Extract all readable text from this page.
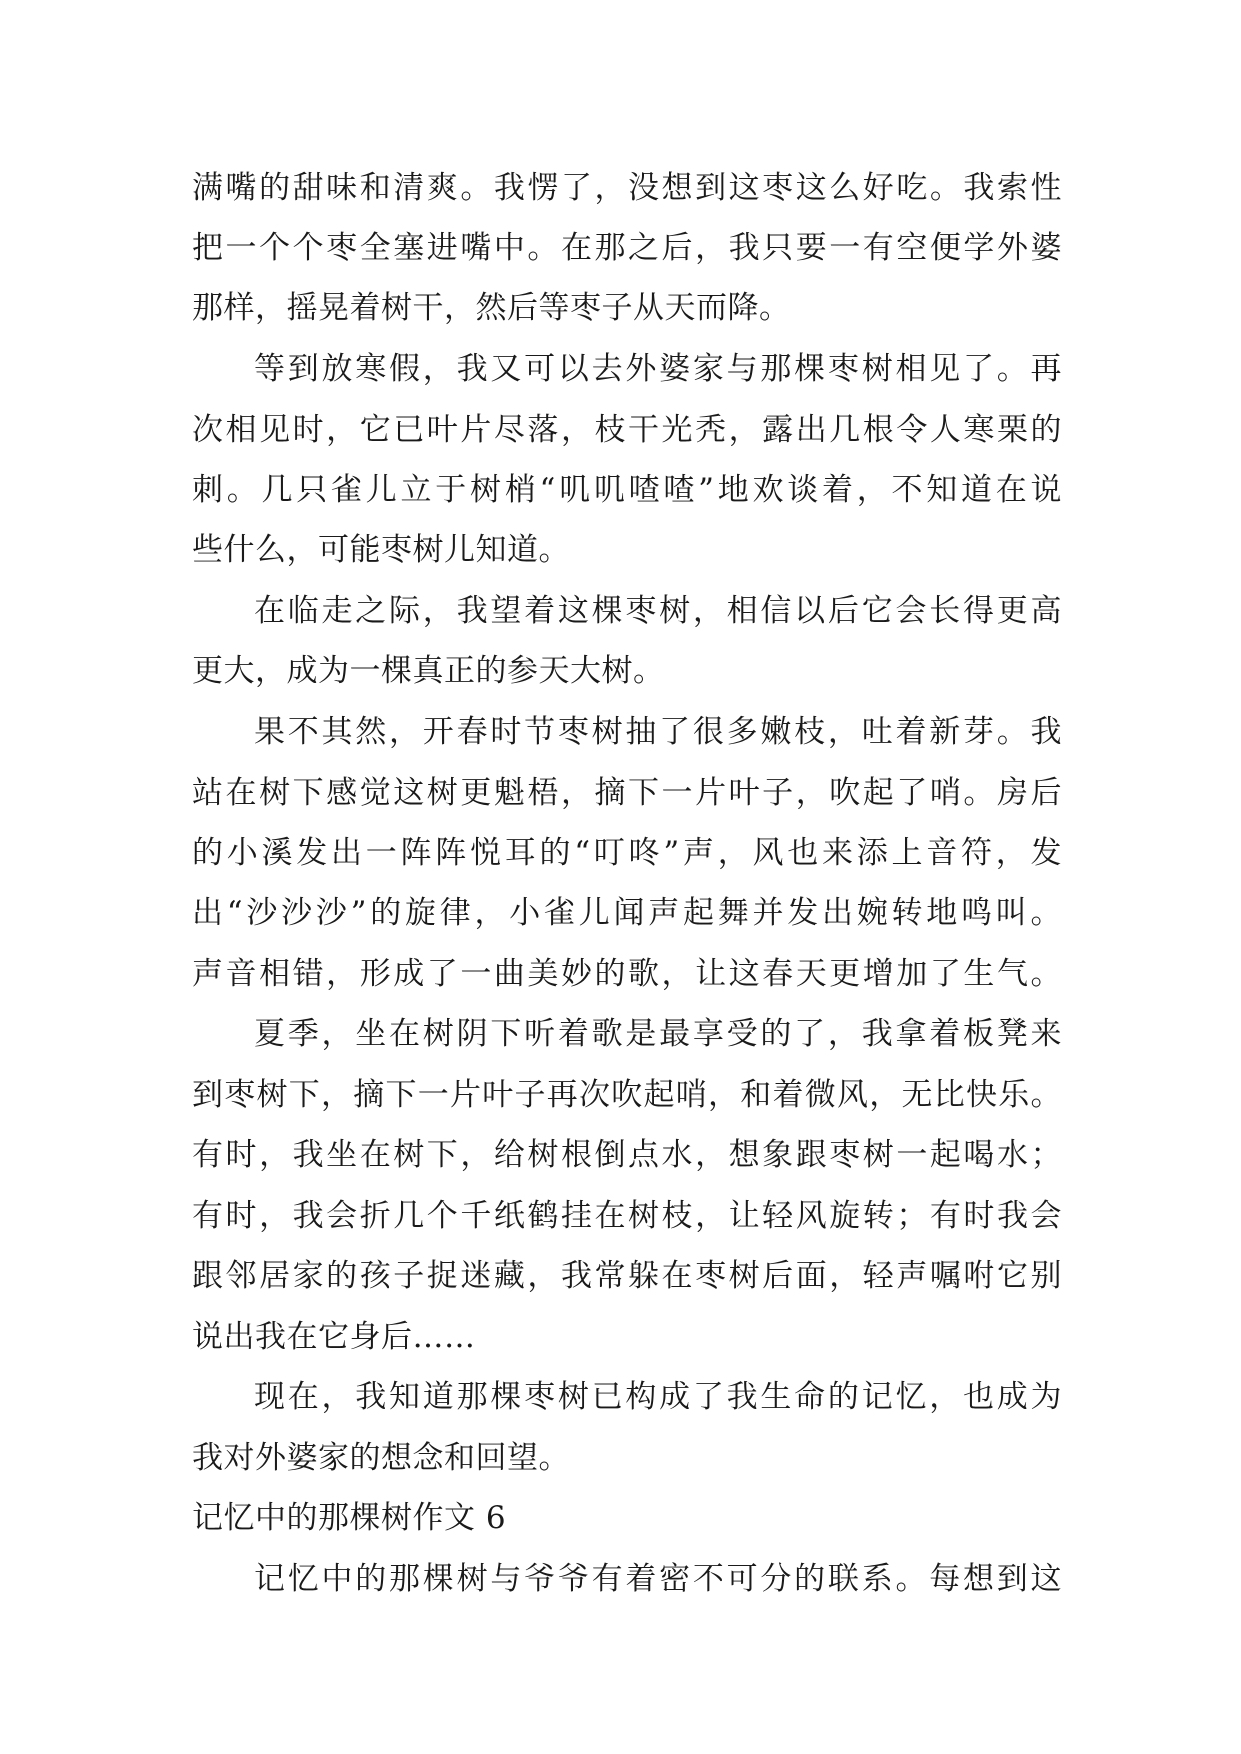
满嘴的甜味和清爽。我愣了，没想到这枣这么好吃。我索性
把一个个枣全塞进嘴中。在那之后，我只要一有空便学外婆
那样，摇晃着树干，然后等枣子从天而降。
等到放寒假，我又可以去外婆家与那棵枣树相见了。再
次相见时，它已叶片尽落，枝干光秃，露出几根令人寒栗的
刺。几只雀儿立于树梢“叽叽喳喳”地欢谈着，不知道在说
些什么，可能枣树儿知道。
在临走之际，我望着这棵枣树，相信以后它会长得更高
更大，成为一棵真正的参天大树。
果不其然，开春时节枣树抽了很多嫩枝，吐着新芽。我
站在树下感觉这树更魁梧，摘下一片叶子，吹起了哨。房后
的小溪发出一阵阵悦耳的“叮咚”声，风也来添上音符，发
出“沙沙沙”的旋律，小雀儿闻声起舞并发出婉转地鸣叫。
声音相错，形成了一曲美妙的歌，让这春天更增加了生气。
夏季，坐在树阴下听着歌是最享受的了，我拿着板凳来
到枣树下，摘下一片叶子再次吹起哨，和着微风，无比快乐。
有时，我坐在树下，给树根倒点水，想象跟枣树一起喝水；
有时，我会折几个千纸鹤挂在树枝，让轻风旋转；有时我会
跟邻居家的孩子捉迷藏，我常躲在枣树后面，轻声嘱咐它别
说出我在它身后……
现在，我知道那棵枣树已构成了我生命的记忆，也成为
我对外婆家的想念和回望。
记忆中的那棵树作文 6
记忆中的那棵树与爷爷有着密不可分的联系。每想到这
